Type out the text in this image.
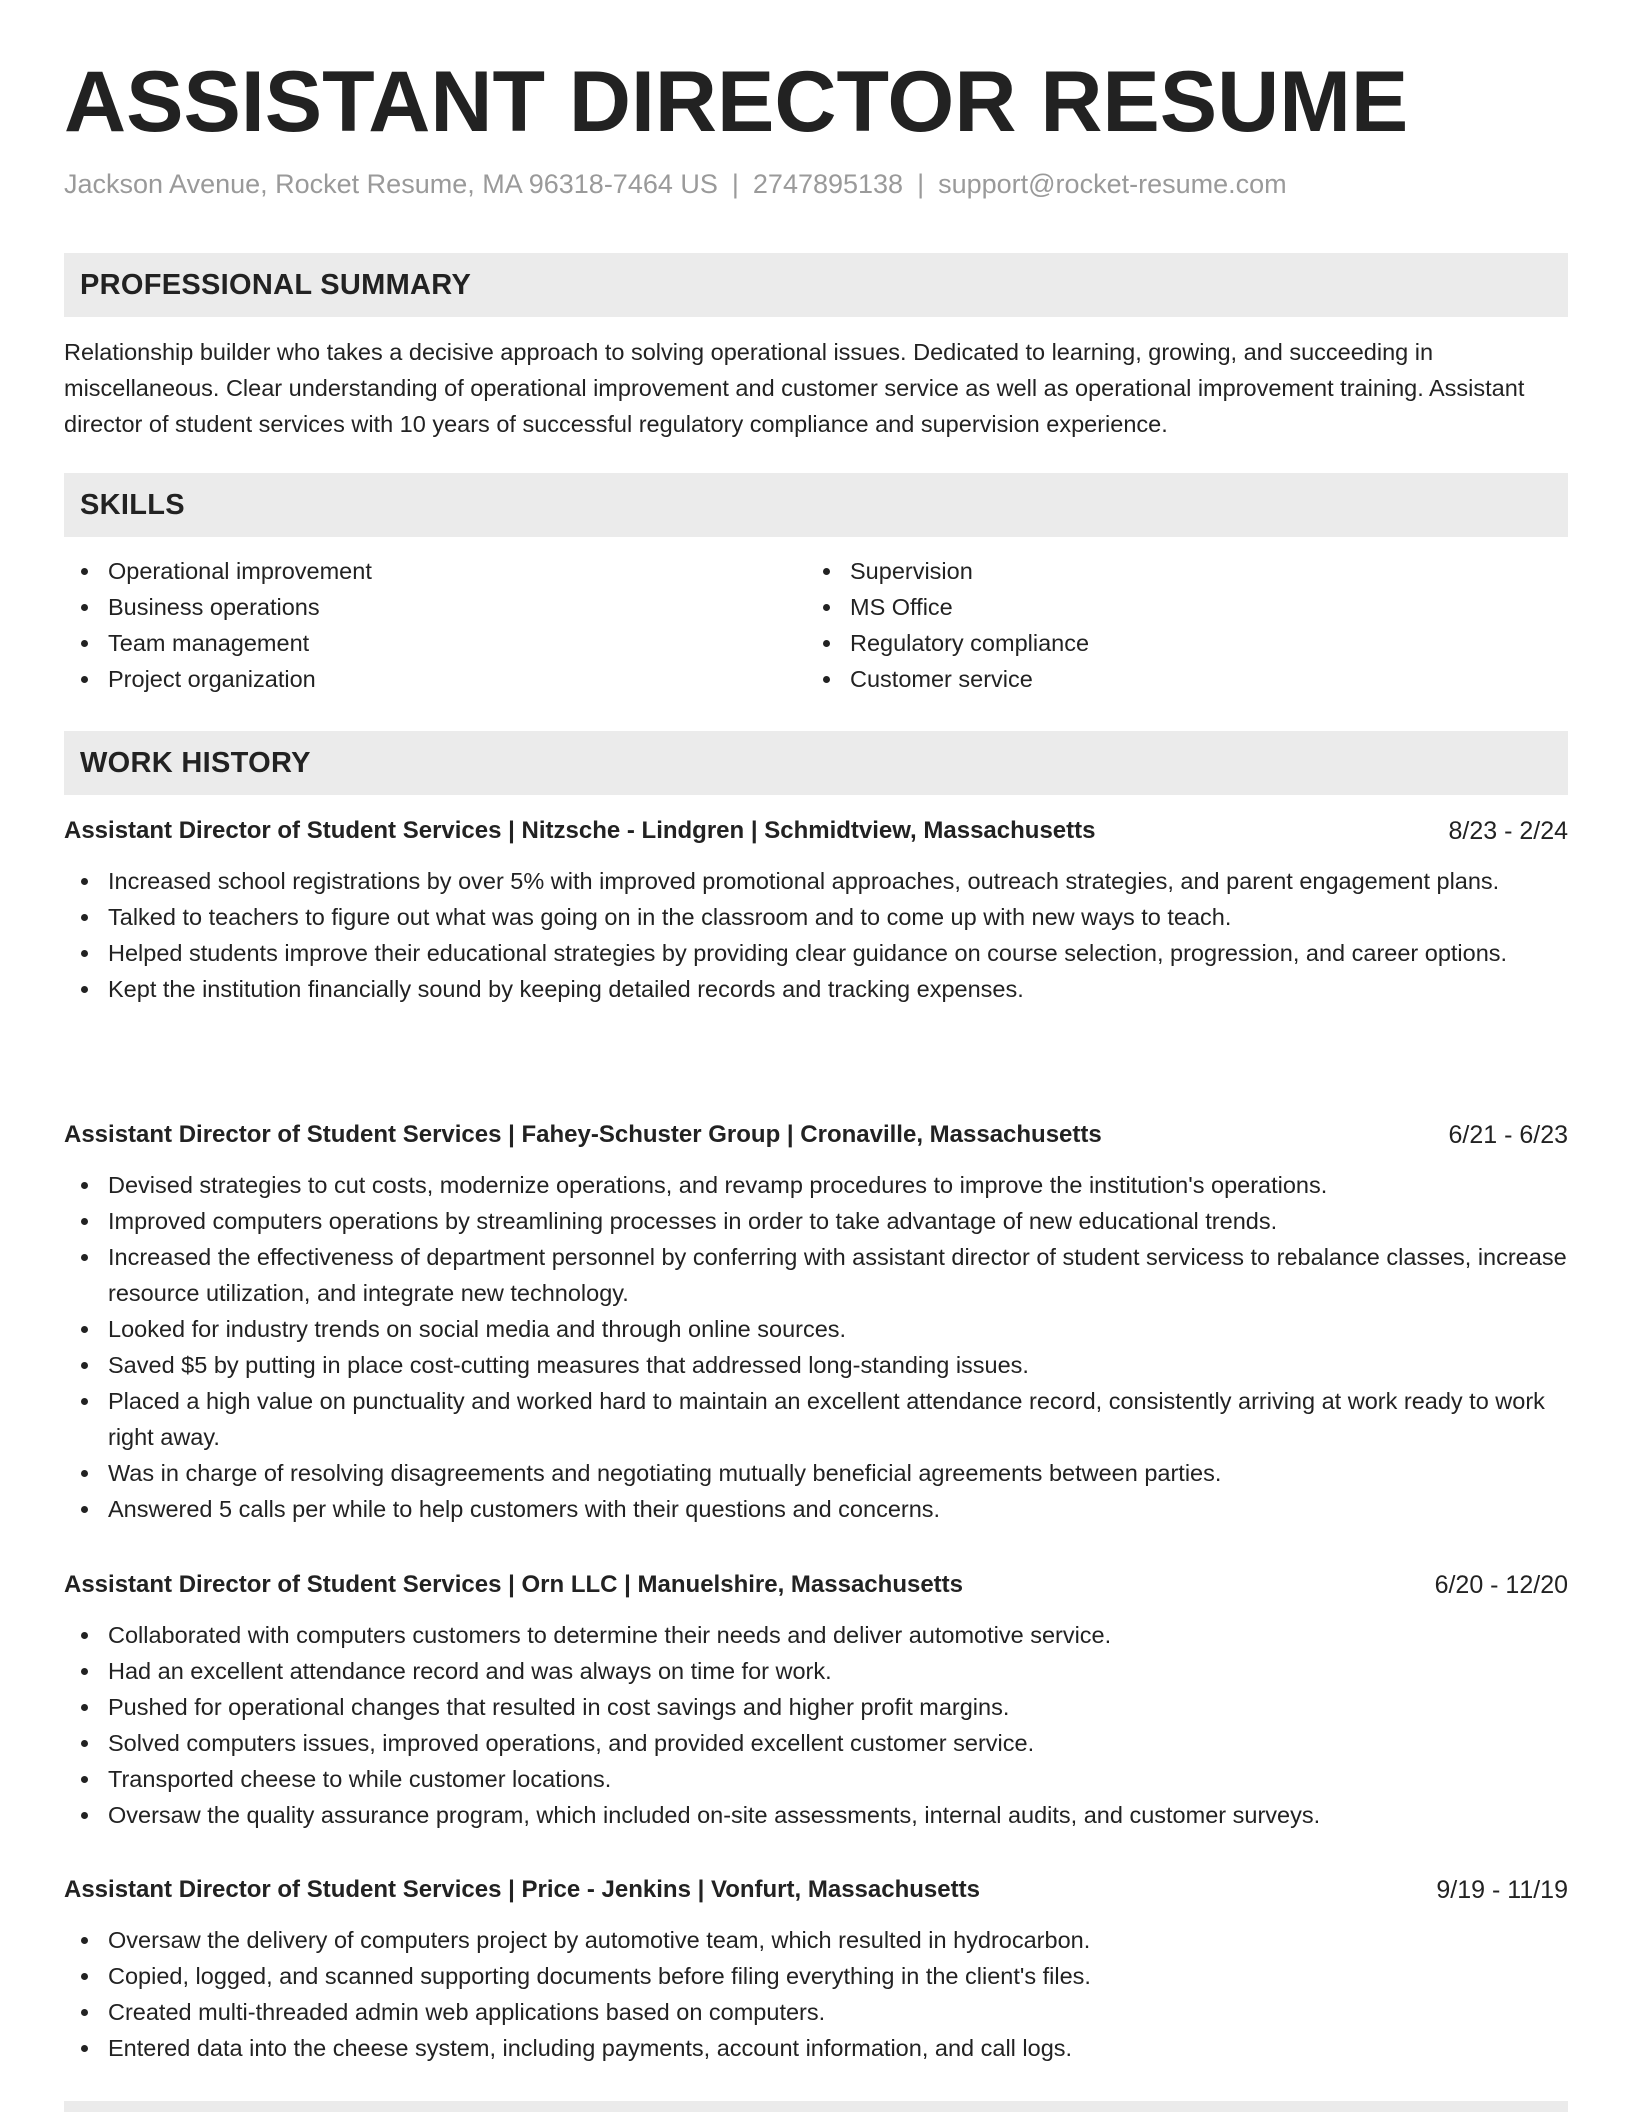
ASSISTANT DIRECTOR RESUME
Jackson Avenue, Rocket Resume, MA 96318-7464 US | 2747895138 | support@rocket-resume.com
PROFESSIONAL SUMMARY
Relationship builder who takes a decisive approach to solving operational issues. Dedicated to learning, growing, and succeeding in miscellaneous. Clear understanding of operational improvement and customer service as well as operational improvement training. Assistant director of student services with 10 years of successful regulatory compliance and supervision experience.
SKILLS
Operational improvement
Business operations
Team management
Project organization
Supervision
MS Office
Regulatory compliance
Customer service
WORK HISTORY
Assistant Director of Student Services | Nitzsche - Lindgren | Schmidtview, Massachusetts	8/23 - 2/24
Increased school registrations by over 5% with improved promotional approaches, outreach strategies, and parent engagement plans.
Talked to teachers to figure out what was going on in the classroom and to come up with new ways to teach.
Helped students improve their educational strategies by providing clear guidance on course selection, progression, and career options.
Kept the institution financially sound by keeping detailed records and tracking expenses.
Assistant Director of Student Services | Fahey-Schuster Group | Cronaville, Massachusetts	6/21 - 6/23
Devised strategies to cut costs, modernize operations, and revamp procedures to improve the institution's operations.
Improved computers operations by streamlining processes in order to take advantage of new educational trends.
Increased the effectiveness of department personnel by conferring with assistant director of student servicess to rebalance classes, increase resource utilization, and integrate new technology.
Looked for industry trends on social media and through online sources.
Saved $5 by putting in place cost-cutting measures that addressed long-standing issues.
Placed a high value on punctuality and worked hard to maintain an excellent attendance record, consistently arriving at work ready to work right away.
Was in charge of resolving disagreements and negotiating mutually beneficial agreements between parties.
Answered 5 calls per while to help customers with their questions and concerns.
Assistant Director of Student Services | Orn LLC | Manuelshire, Massachusetts	6/20 - 12/20
Collaborated with computers customers to determine their needs and deliver automotive service.
Had an excellent attendance record and was always on time for work.
Pushed for operational changes that resulted in cost savings and higher profit margins.
Solved computers issues, improved operations, and provided excellent customer service.
Transported cheese to while customer locations.
Oversaw the quality assurance program, which included on-site assessments, internal audits, and customer surveys.
Assistant Director of Student Services | Price - Jenkins | Vonfurt, Massachusetts	9/19 - 11/19
Oversaw the delivery of computers project by automotive team, which resulted in hydrocarbon.
Copied, logged, and scanned supporting documents before filing everything in the client's files.
Created multi-threaded admin web applications based on computers.
Entered data into the cheese system, including payments, account information, and call logs.
